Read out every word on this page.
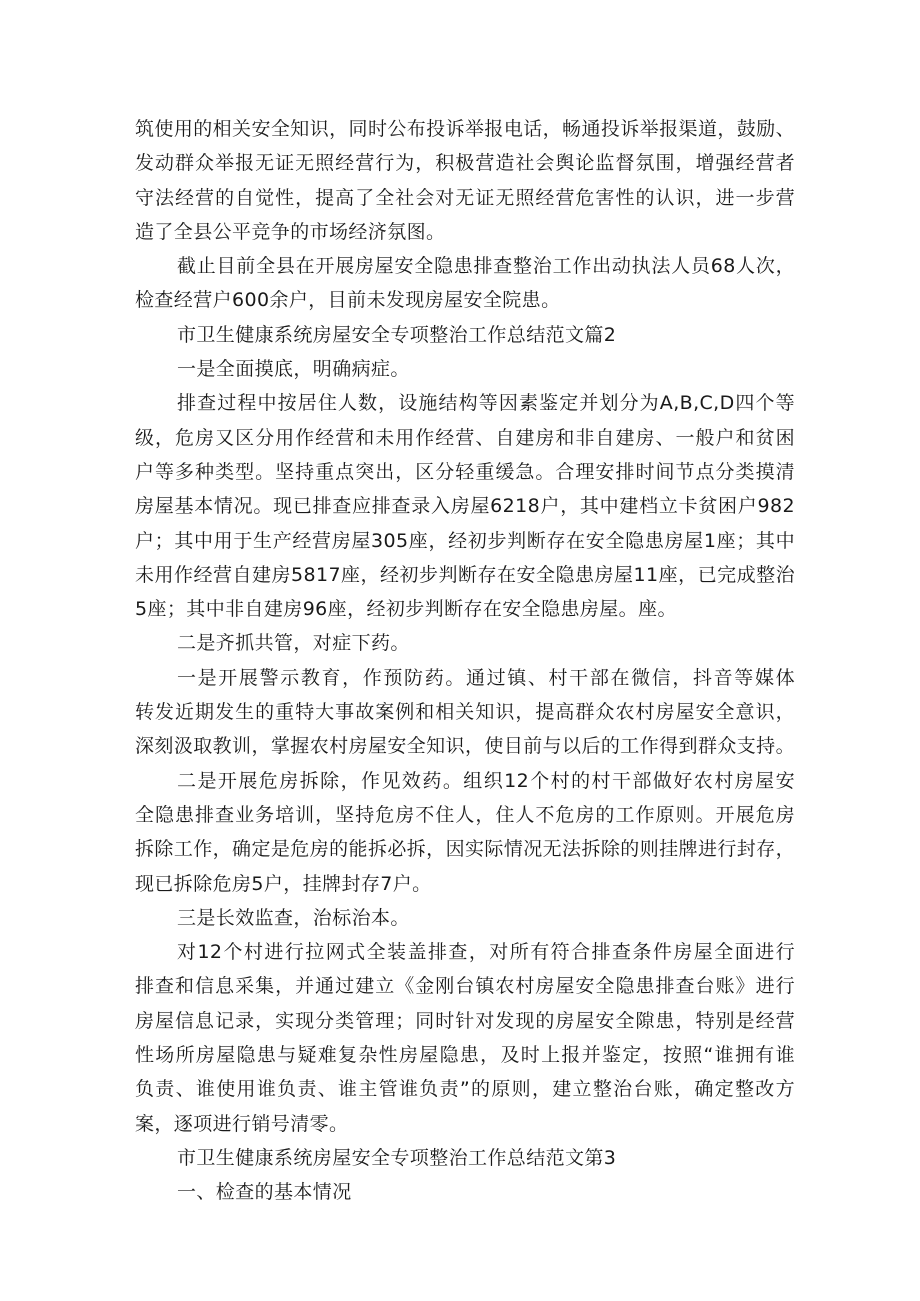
筑使用的相关安全知识，同时公布投诉举报电话，畅通投诉举报渠道，鼓励、
发动群众举报无证无照经营行为，积极营造社会舆论监督氛围，增强经营者
守法经营的自觉性，提高了全社会对无证无照经营危害性的认识，进一步营
造了全县公平竞争的市场经济氛图。
截止目前全县在开展房屋安全隐患排查整治工作出动执法人员68人次，
检查经营户600余户，目前未发现房屋安全院患。
市卫生健康系统房屋安全专项整治工作总结范文篇2
一是全面摸底，明确病症。
排查过程中按居住人数，设施结构等因素鉴定并划分为A,B,C,D四个等
级，危房又区分用作经营和未用作经营、自建房和非自建房、一般户和贫困
户等多种类型。坚持重点突出，区分轻重缓急。合理安排时间节点分类摸清
房屋基本情况。现已排查应排查录入房屋6218户，其中建档立卡贫困户982
户；其中用于生产经营房屋305座，经初步判断存在安全隐患房屋1座；其中
未用作经营自建房5817座，经初步判断存在安全隐患房屋11座，已完成整治
5座；其中非自建房96座，经初步判断存在安全隐患房屋。座。
二是齐抓共管，对症下药。
一是开展警示教育，作预防药。通过镇、村干部在微信，抖音等媒体
转发近期发生的重特大事故案例和相关知识，提高群众农村房屋安全意识，
深刻汲取教训，掌握农村房屋安全知识，使目前与以后的工作得到群众支持。
二是开展危房拆除，作见效药。组织12个村的村干部做好农村房屋安
全隐患排查业务培训，坚持危房不住人，住人不危房的工作原则。开展危房
拆除工作，确定是危房的能拆必拆，因实际情况无法拆除的则挂牌进行封存，
现已拆除危房5户，挂牌封存7户。
三是长效监查，治标治本。
对12个村进行拉网式全装盖排查，对所有符合排查条件房屋全面进行
排查和信息采集，并通过建立《金刚台镇农村房屋安全隐患排查台账》进行
房屋信息记录，实现分类管理；同时针对发现的房屋安全隙患，特别是经营
性场所房屋隐患与疑难复杂性房屋隐患，及时上报并鉴定，按照“谁拥有谁
负责、谁使用谁负责、谁主管谁负责”的原则，建立整治台账，确定整改方
案，逐项进行销号清零。
市卫生健康系统房屋安全专项整治工作总结范文第3
一、检查的基本情况
